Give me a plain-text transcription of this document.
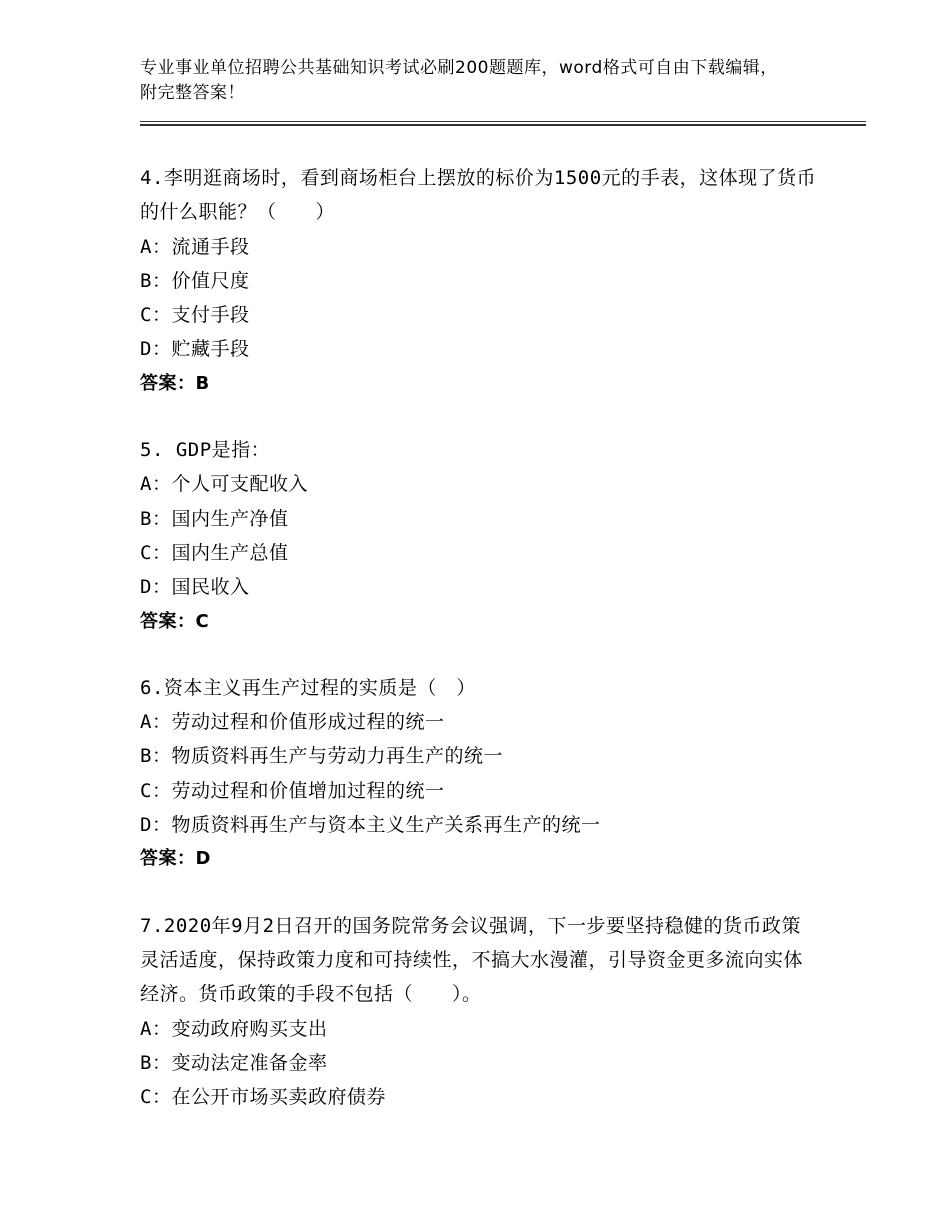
专业事业单位招聘公共基础知识考试必刷200题题库，word格式可自由下载编辑，附完整答案！

4.李明逛商场时，看到商场柜台上摆放的标价为1500元的手表，这体现了货币的什么职能？（　　）

A：流通手段

B：价值尺度

C：支付手段

D：贮藏手段

答案：B

5. GDP是指：

A：个人可支配收入

B：国内生产净值

C：国内生产总值

D：国民收入

答案：C

6.资本主义再生产过程的实质是（　）

A：劳动过程和价值形成过程的统一

B：物质资料再生产与劳动力再生产的统一

C：劳动过程和价值增加过程的统一

D：物质资料再生产与资本主义生产关系再生产的统一

答案：D

7.2020年9月2日召开的国务院常务会议强调，下一步要坚持稳健的货币政策灵活适度，保持政策力度和可持续性，不搞大水漫灌，引导资金更多流向实体经济。货币政策的手段不包括（　　）。

A：变动政府购买支出

B：变动法定准备金率

C：在公开市场买卖政府债券
